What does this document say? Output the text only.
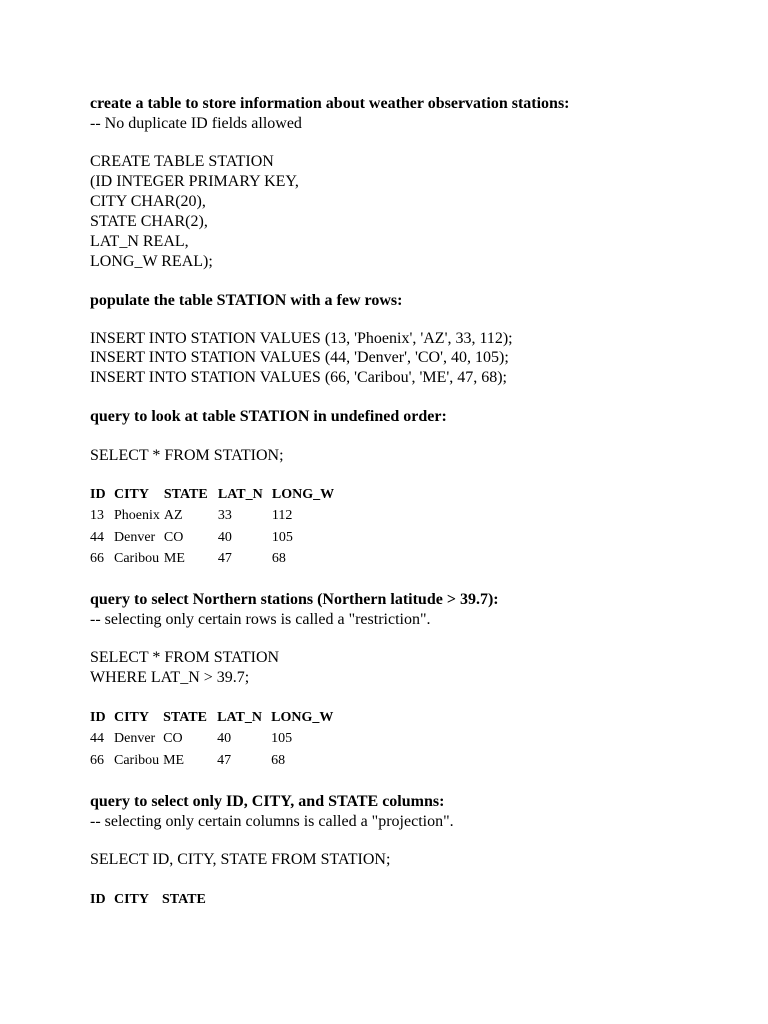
create a table to store information about weather observation stations:
-- No duplicate ID fields allowed
CREATE TABLE STATION
(ID INTEGER PRIMARY KEY,
CITY CHAR(20),
STATE CHAR(2),
LAT_N REAL,
LONG_W REAL);
populate the table STATION with a few rows:
INSERT INTO STATION VALUES (13, 'Phoenix', 'AZ', 33, 112);
INSERT INTO STATION VALUES (44, 'Denver', 'CO', 40, 105);
INSERT INTO STATION VALUES (66, 'Caribou', 'ME', 47, 68);
query to look at table STATION in undefined order:
SELECT * FROM STATION;
ID	CITY	STATE	LAT_N	LONG_W
13	Phoenix	AZ	33	112
44	Denver	CO	40	105
66	Caribou	ME	47	68
query to select Northern stations (Northern latitude > 39.7):
-- selecting only certain rows is called a "restriction".
SELECT * FROM STATION
WHERE LAT_N > 39.7;
ID	CITY	STATE	LAT_N	LONG_W
44	Denver	CO	40	105
66	Caribou	ME	47	68
query to select only ID, CITY, and STATE columns:
-- selecting only certain columns is called a "projection".
SELECT ID, CITY, STATE FROM STATION;
ID	CITY	STATE
